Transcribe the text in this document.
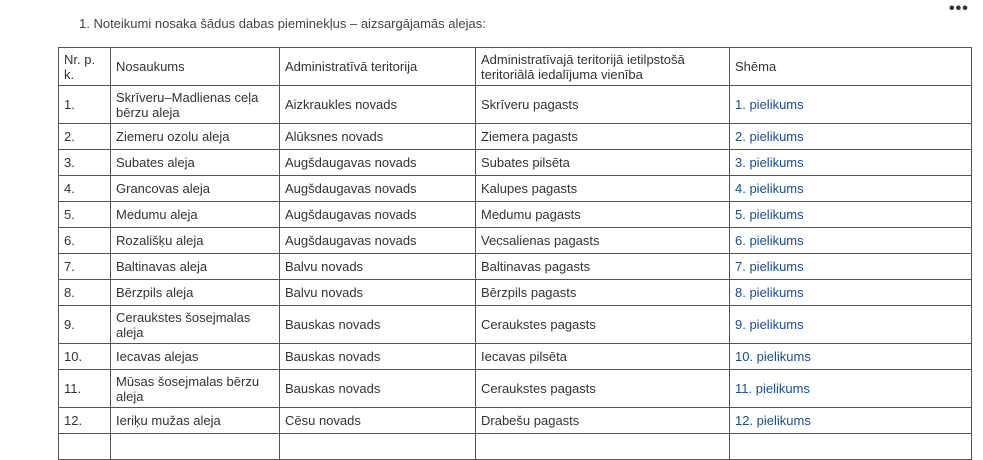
1. Noteikumi nosaka šādus dabas pieminekļus – aizsargājamās alejas:
•••
Nr. p. k.	Nosaukums	Administratīvā teritorija	Administratīvajā teritorijā ietilpstošā teritoriālā iedalījuma vienība	Shēma
1.	Skrīveru–Madlienas ceļa bērzu aleja	Aizkraukles novads	Skrīveru pagasts	1. pielikums
2.	Ziemeru ozolu aleja	Alūksnes novads	Ziemera pagasts	2. pielikums
3.	Subates aleja	Augšdaugavas novads	Subates pilsēta	3. pielikums
4.	Grancovas aleja	Augšdaugavas novads	Kalupes pagasts	4. pielikums
5.	Medumu aleja	Augšdaugavas novads	Medumu pagasts	5. pielikums
6.	Rozališķu aleja	Augšdaugavas novads	Vecsalienas pagasts	6. pielikums
7.	Baltinavas aleja	Balvu novads	Baltinavas pagasts	7. pielikums
8.	Bērzpils aleja	Balvu novads	Bērzpils pagasts	8. pielikums
9.	Ceraukstes šosejmalas aleja	Bauskas novads	Ceraukstes pagasts	9. pielikums
10.	Iecavas alejas	Bauskas novads	Iecavas pilsēta	10. pielikums
11.	Mūsas šosejmalas bērzu aleja	Bauskas novads	Ceraukstes pagasts	11. pielikums
12.	Ieriķu mužas aleja	Cēsu novads	Drabešu pagasts	12. pielikums
